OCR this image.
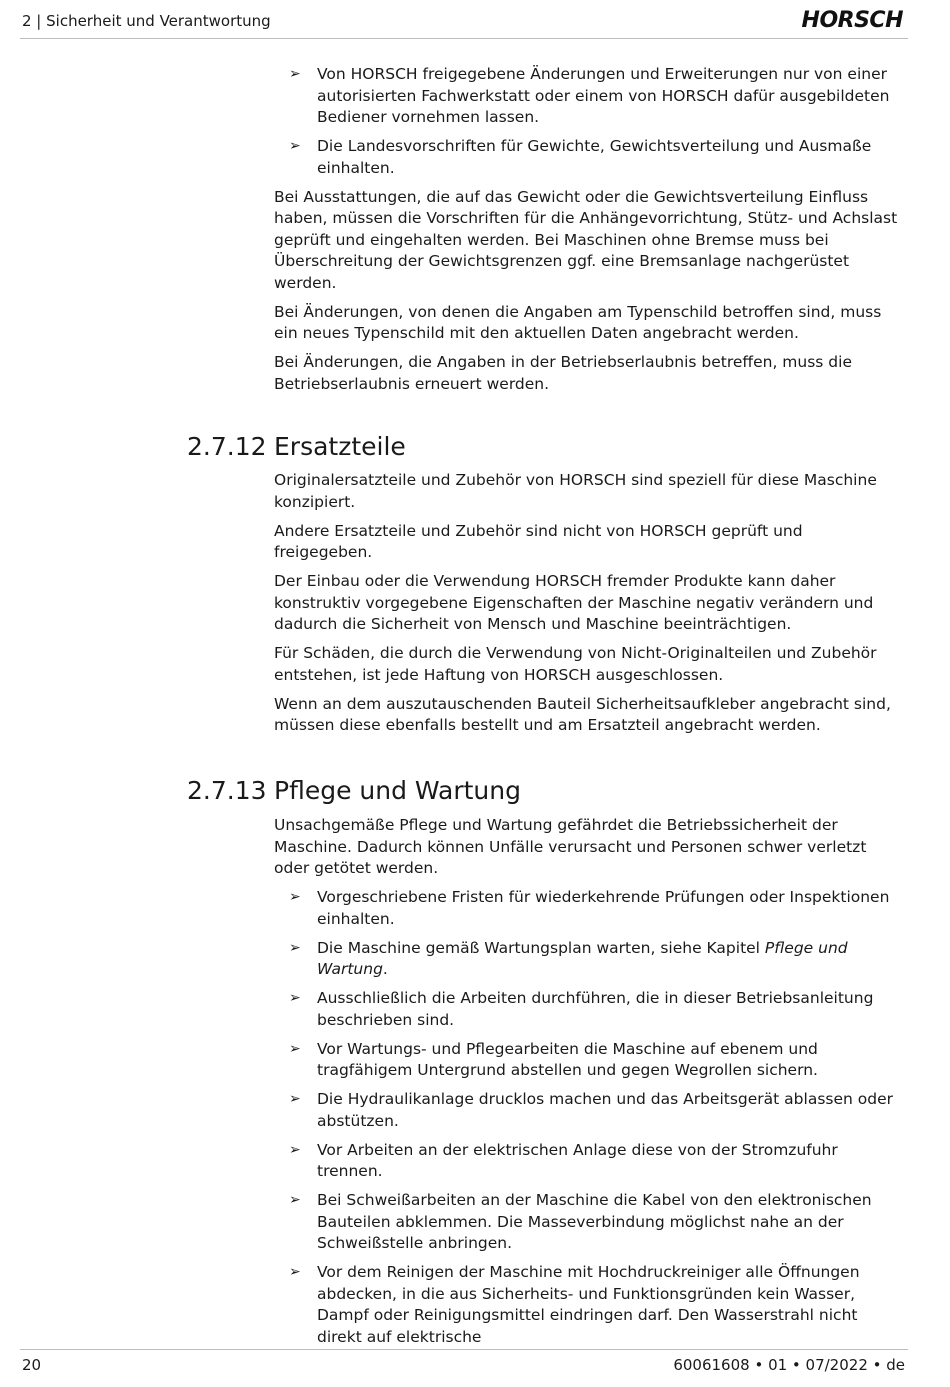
2 | Sicherheit und Verantwortung	HORSCH
➢ Von HORSCH freigegebene Änderungen und Erweiterungen nur von einer autorisierten Fachwerkstatt oder einem von HORSCH dafür ausgebildeten Bediener vornehmen lassen.
➢ Die Landesvorschriften für Gewichte, Gewichtsverteilung und Ausmaße einhalten.

Bei Ausstattungen, die auf das Gewicht oder die Gewichtsverteilung Einfluss haben, müssen die Vorschriften für die Anhängevorrichtung, Stütz- und Achslast geprüft und eingehalten werden. Bei Maschinen ohne Bremse muss bei Überschreitung der Gewichtsgrenzen ggf. eine Bremsanlage nachgerüstet werden.

Bei Änderungen, von denen die Angaben am Typenschild betroffen sind, muss ein neues Typenschild mit den aktuellen Daten angebracht werden.

Bei Änderungen, die Angaben in der Betriebserlaubnis betreffen, muss die Betriebserlaubnis erneuert werden.

2.7.12 Ersatzteile

Originalersatzteile und Zubehör von HORSCH sind speziell für diese Maschine konzipiert.

Andere Ersatzteile und Zubehör sind nicht von HORSCH geprüft und freigegeben.

Der Einbau oder die Verwendung HORSCH fremder Produkte kann daher konstruktiv vorgegebene Eigenschaften der Maschine negativ verändern und dadurch die Sicherheit von Mensch und Maschine beeinträchtigen.

Für Schäden, die durch die Verwendung von Nicht-Originalteilen und Zubehör entstehen, ist jede Haftung von HORSCH ausgeschlossen.

Wenn an dem auszutauschenden Bauteil Sicherheitsaufkleber angebracht sind, müssen diese ebenfalls bestellt und am Ersatzteil angebracht werden.

2.7.13 Pflege und Wartung

Unsachgemäße Pflege und Wartung gefährdet die Betriebssicherheit der Maschine. Dadurch können Unfälle verursacht und Personen schwer verletzt oder getötet werden.

➢ Vorgeschriebene Fristen für wiederkehrende Prüfungen oder Inspektionen einhalten.
➢ Die Maschine gemäß Wartungsplan warten, siehe Kapitel Pflege und Wartung.
➢ Ausschließlich die Arbeiten durchführen, die in dieser Betriebsanleitung beschrieben sind.
➢ Vor Wartungs- und Pflegearbeiten die Maschine auf ebenem und tragfähigem Untergrund abstellen und gegen Wegrollen sichern.
➢ Die Hydraulikanlage drucklos machen und das Arbeitsgerät ablassen oder abstützen.
➢ Vor Arbeiten an der elektrischen Anlage diese von der Stromzufuhr trennen.
➢ Bei Schweißarbeiten an der Maschine die Kabel von den elektronischen Bauteilen abklemmen. Die Masseverbindung möglichst nahe an der Schweißstelle anbringen.
➢ Vor dem Reinigen der Maschine mit Hochdruckreiniger alle Öffnungen abdecken, in die aus Sicherheits- und Funktionsgründen kein Wasser, Dampf oder Reinigungsmittel eindringen darf. Den Wasserstrahl nicht direkt auf elektrische
20	60061608 • 01 • 07/2022 • de
